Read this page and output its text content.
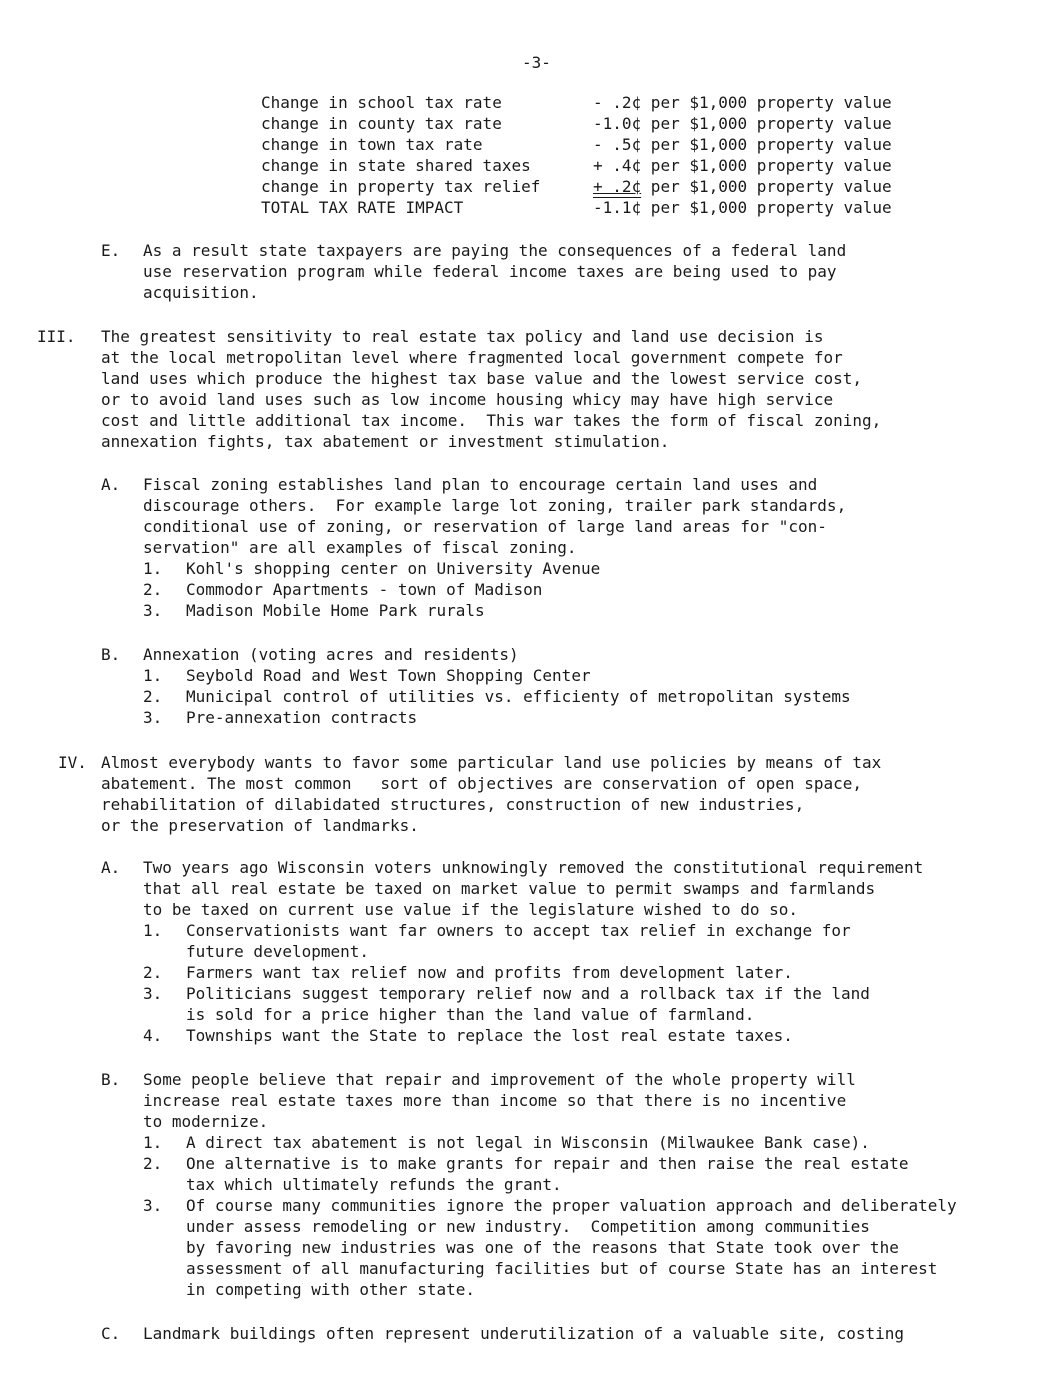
-3-
Change in school tax rate	- .2¢ per $1,000 property value
change in county tax rate	-1.0¢ per $1,000 property value
change in town tax rate	- .5¢ per $1,000 property value
change in state shared taxes	+ .4¢ per $1,000 property value
change in property tax relief	+ .2¢ per $1,000 property value
TOTAL TAX RATE IMPACT	-1.1¢ per $1,000 property value
E. As a result state taxpayers are paying the consequences of a federal land
use reservation program while federal income taxes are being used to pay
acquisition.
III. The greatest sensitivity to real estate tax policy and land use decision is
at the local metropolitan level where fragmented local government compete for
land uses which produce the highest tax base value and the lowest service cost,
or to avoid land uses such as low income housing whicy may have high service
cost and little additional tax income.  This war takes the form of fiscal zoning,
annexation fights, tax abatement or investment stimulation.
A. Fiscal zoning establishes land plan to encourage certain land uses and
discourage others.  For example large lot zoning, trailer park standards,
conditional use of zoning, or reservation of large land areas for "con-
servation" are all examples of fiscal zoning.
1. Kohl's shopping center on University Avenue
2. Commodor Apartments - town of Madison
3. Madison Mobile Home Park rurals
B. Annexation (voting acres and residents)
1. Seybold Road and West Town Shopping Center
2. Municipal control of utilities vs. efficienty of metropolitan systems
3. Pre-annexation contracts
IV. Almost everybody wants to favor some particular land use policies by means of tax
abatement. The most common   sort of objectives are conservation of open space,
rehabilitation of dilabidated structures, construction of new industries,
or the preservation of landmarks.
A. Two years ago Wisconsin voters unknowingly removed the constitutional requirement
that all real estate be taxed on market value to permit swamps and farmlands
to be taxed on current use value if the legislature wished to do so.
1. Conservationists want far owners to accept tax relief in exchange for
future development.
2. Farmers want tax relief now and profits from development later.
3. Politicians suggest temporary relief now and a rollback tax if the land
is sold for a price higher than the land value of farmland.
4. Townships want the State to replace the lost real estate taxes.
B. Some people believe that repair and improvement of the whole property will
increase real estate taxes more than income so that there is no incentive
to modernize.
1. A direct tax abatement is not legal in Wisconsin (Milwaukee Bank case).
2. One alternative is to make grants for repair and then raise the real estate
tax which ultimately refunds the grant.
3. Of course many communities ignore the proper valuation approach and deliberately
under assess remodeling or new industry.  Competition among communities
by favoring new industries was one of the reasons that State took over the
assessment of all manufacturing facilities but of course State has an interest
in competing with other state.
C. Landmark buildings often represent underutilization of a valuable site, costing
